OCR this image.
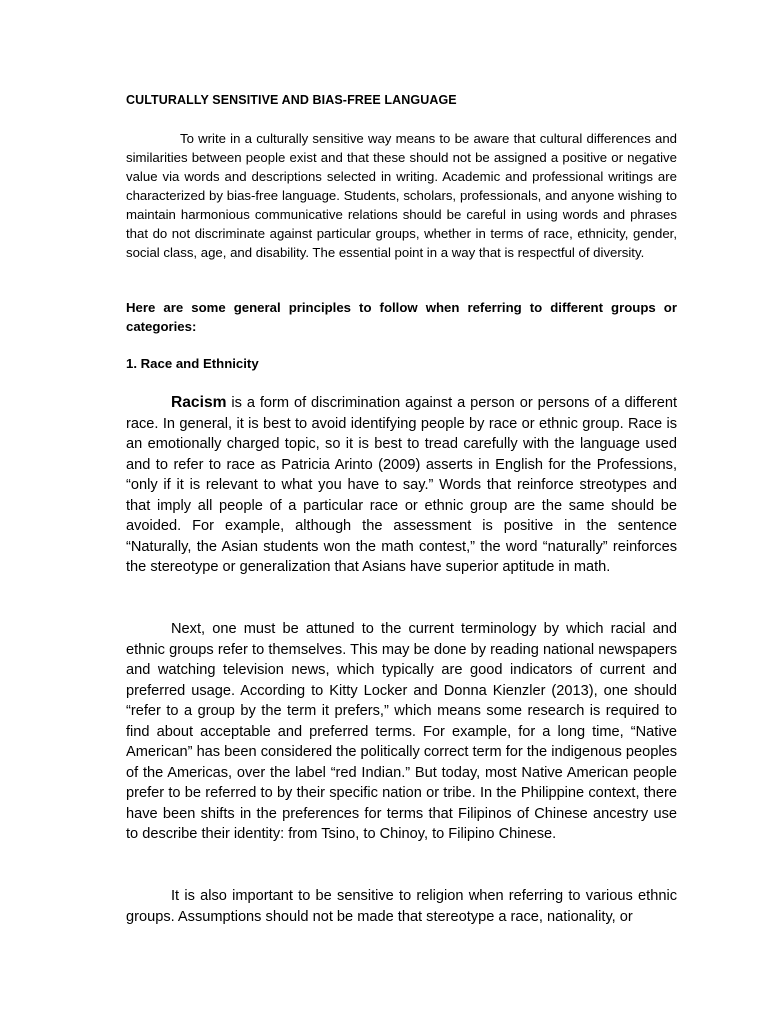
CULTURALLY SENSITIVE AND BIAS-FREE LANGUAGE
To write in a culturally sensitive way means to be aware that cultural differences and similarities between people exist and that these should not be assigned a positive or negative value via words and descriptions selected in writing. Academic and professional writings are characterized by bias-free language. Students, scholars, professionals, and anyone wishing to maintain harmonious communicative relations should be careful in using words and phrases that do not discriminate against particular groups, whether in terms of race, ethnicity, gender, social class, age, and disability. The essential point in a way that is respectful of diversity.
Here are some general principles to follow when referring to different groups or categories:
1. Race and Ethnicity
Racism is a form of discrimination against a person or persons of a different race. In general, it is best to avoid identifying people by race or ethnic group. Race is an emotionally charged topic, so it is best to tread carefully with the language used and to refer to race as Patricia Arinto (2009) asserts in English for the Professions, “only if it is relevant to what you have to say.” Words that reinforce streotypes and that imply all people of a particular race or ethnic group are the same should be avoided. For example, although the assessment is positive in the sentence “Naturally, the Asian students won the math contest,” the word “naturally” reinforces the stereotype or generalization that Asians have superior aptitude in math.
Next, one must be attuned to the current terminology by which racial and ethnic groups refer to themselves. This may be done by reading national newspapers and watching television news, which typically are good indicators of current and preferred usage. According to Kitty Locker and Donna Kienzler (2013), one should “refer to a group by the term it prefers,” which means some research is required to find about acceptable and preferred terms. For example, for a long time, “Native American” has been considered the politically correct term for the indigenous peoples of the Americas, over the label “red Indian.” But today, most Native American people prefer to be referred to by their specific nation or tribe. In the Philippine context, there have been shifts in the preferences for terms that Filipinos of Chinese ancestry use to describe their identity: from Tsino, to Chinoy, to Filipino Chinese.
It is also important to be sensitive to religion when referring to various ethnic groups. Assumptions should not be made that stereotype a race, nationality, or
